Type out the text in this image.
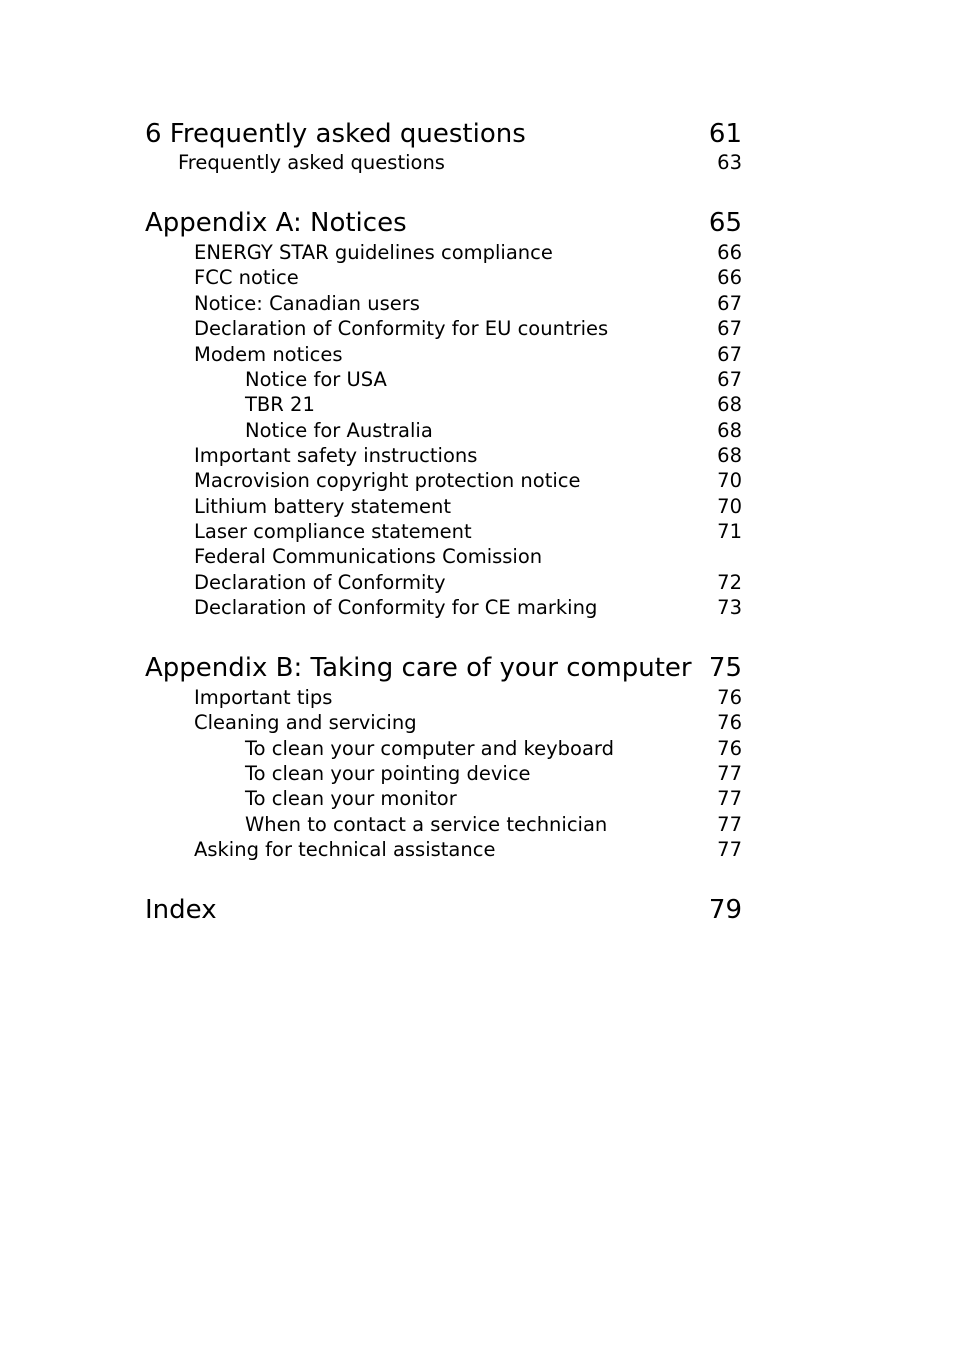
6 Frequently asked questions	61
Frequently asked questions	63
Appendix A: Notices	65
ENERGY STAR guidelines compliance	66
FCC notice	66
Notice: Canadian users	67
Declaration of Conformity for EU countries	67
Modem notices	67
Notice for USA	67
TBR 21	68
Notice for Australia	68
Important safety instructions	68
Macrovision copyright protection notice	70
Lithium battery statement	70
Laser compliance statement	71
Federal Communications Comission
Declaration of Conformity	72
Declaration of Conformity for CE marking	73
Appendix B: Taking care of your computer 75
Important tips	76
Cleaning and servicing	76
To clean your computer and keyboard	76
To clean your pointing device	77
To clean your monitor	77
When to contact a service technician	77
Asking for technical assistance	77
Index	79
